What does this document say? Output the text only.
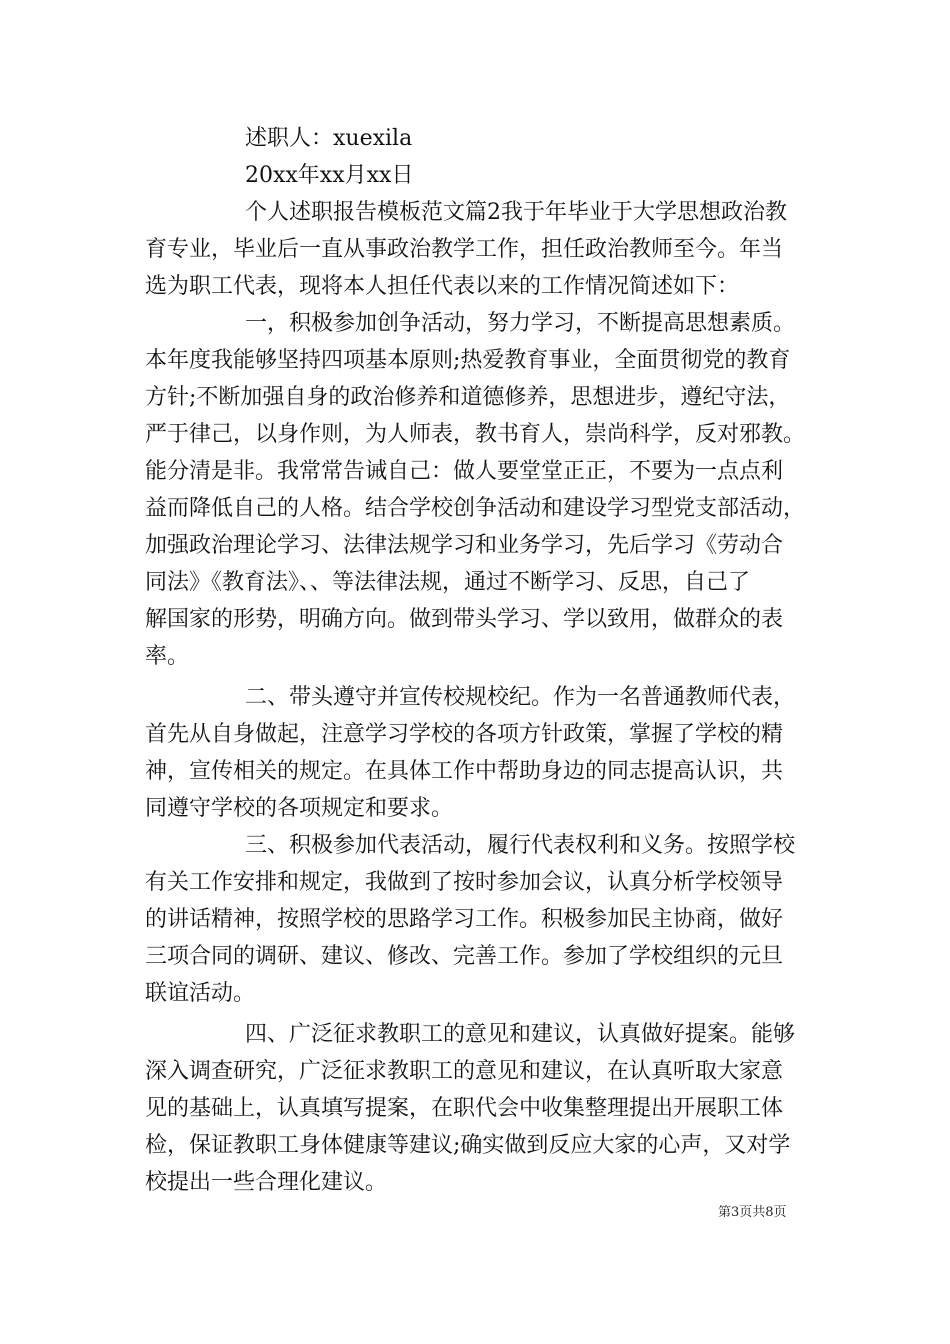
述职人：xuexila
20xx年xx月xx日
个人述职报告模板范文篇2我于年毕业于大学思想政治教
育专业，毕业后一直从事政治教学工作，担任政治教师至今。年当
选为职工代表，现将本人担任代表以来的工作情况简述如下：
一，积极参加创争活动，努力学习，不断提高思想素质。
本年度我能够坚持四项基本原则;热爱教育事业，全面贯彻党的教育
方针;不断加强自身的政治修养和道德修养，思想进步，遵纪守法，
严于律己，以身作则，为人师表，教书育人，崇尚科学，反对邪教。
能分清是非。我常常告诫自己：做人要堂堂正正，不要为一点点利
益而降低自己的人格。结合学校创争活动和建设学习型党支部活动，
加强政治理论学习、法律法规学习和业务学习，先后学习《劳动合
同法》《教育法》、、等法律法规，通过不断学习、反思，自己了
解国家的形势，明确方向。做到带头学习、学以致用，做群众的表
率。
二、带头遵守并宣传校规校纪。作为一名普通教师代表，
首先从自身做起，注意学习学校的各项方针政策，掌握了学校的精
神，宣传相关的规定。在具体工作中帮助身边的同志提高认识，共
同遵守学校的各项规定和要求。
三、积极参加代表活动，履行代表权利和义务。按照学校
有关工作安排和规定，我做到了按时参加会议，认真分析学校领导
的讲话精神，按照学校的思路学习工作。积极参加民主协商，做好
三项合同的调研、建议、修改、完善工作。参加了学校组织的元旦
联谊活动。
四、广泛征求教职工的意见和建议，认真做好提案。能够
深入调查研究，广泛征求教职工的意见和建议，在认真听取大家意
见的基础上，认真填写提案，在职代会中收集整理提出开展职工体
检，保证教职工身体健康等建议;确实做到反应大家的心声，又对学
校提出一些合理化建议。
第3页共8页
